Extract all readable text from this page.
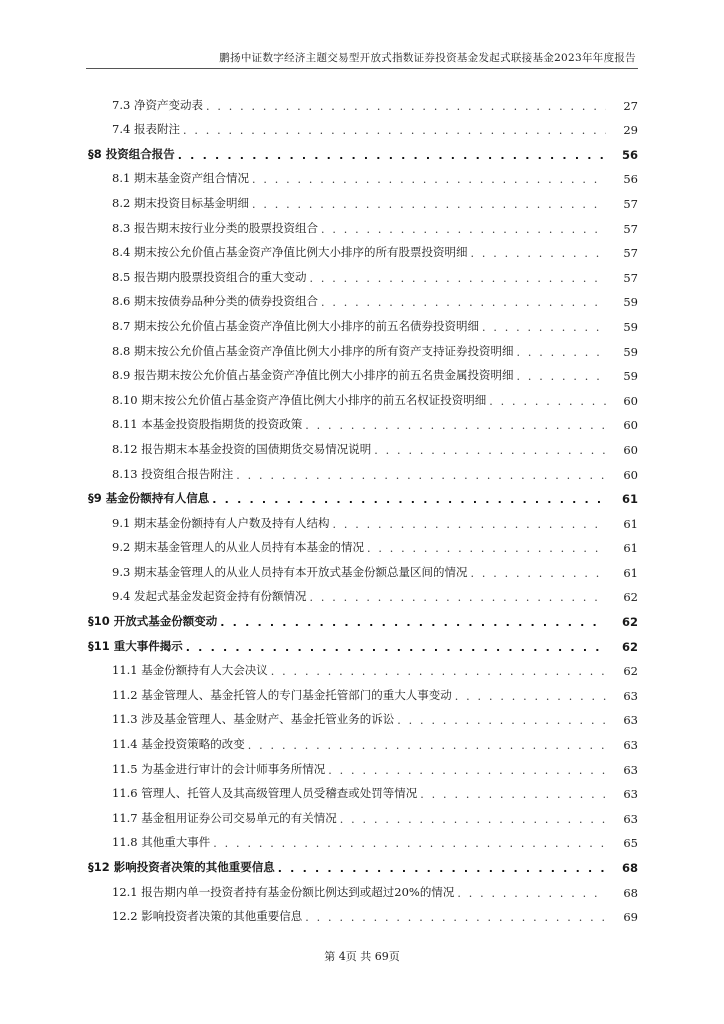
鹏扬中证数字经济主题交易型开放式指数证券投资基金发起式联接基金2023年年度报告
7.3 净资产变动表 . . .	27
7.4 报表附注 . . .	29
§8 投资组合报告 . . .	56
8.1 期末基金资产组合情况 . . .	56
8.2 期末投资目标基金明细 . . .	57
8.3 报告期末按行业分类的股票投资组合 . . .	57
8.4 期末按公允价值占基金资产净值比例大小排序的所有股票投资明细 . . .	57
8.5 报告期内股票投资组合的重大变动 . . .	57
8.6 期末按债券品种分类的债券投资组合 . . .	59
8.7 期末按公允价值占基金资产净值比例大小排序的前五名债券投资明细 . . .	59
8.8 期末按公允价值占基金资产净值比例大小排序的所有资产支持证券投资明细 . . .	59
8.9 报告期末按公允价值占基金资产净值比例大小排序的前五名贵金属投资明细 . . .	59
8.10 期末按公允价值占基金资产净值比例大小排序的前五名权证投资明细 . . .	60
8.11 本基金投资股指期货的投资政策 . . .	60
8.12 报告期末本基金投资的国债期货交易情况说明 . . .	60
8.13 投资组合报告附注 . . .	60
§9 基金份额持有人信息 . . .	61
9.1 期末基金份额持有人户数及持有人结构 . . .	61
9.2 期末基金管理人的从业人员持有本基金的情况 . . .	61
9.3 期末基金管理人的从业人员持有本开放式基金份额总量区间的情况 . . .	61
9.4 发起式基金发起资金持有份额情况 . . .	62
§10 开放式基金份额变动 . . .	62
§11 重大事件揭示 . . .	62
11.1 基金份额持有人大会决议 . . .	62
11.2 基金管理人、基金托管人的专门基金托管部门的重大人事变动 . . .	63
11.3 涉及基金管理人、基金财产、基金托管业务的诉讼 . . .	63
11.4 基金投资策略的改变 . . .	63
11.5 为基金进行审计的会计师事务所情况 . . .	63
11.6 管理人、托管人及其高级管理人员受稽查或处罚等情况 . . .	63
11.7 基金租用证券公司交易单元的有关情况 . . .	63
11.8 其他重大事件 . . .	65
§12 影响投资者决策的其他重要信息 . . .	68
12.1 报告期内单一投资者持有基金份额比例达到或超过20%的情况 . . .	68
12.2 影响投资者决策的其他重要信息 . . .	69
第 4页 共 69页
